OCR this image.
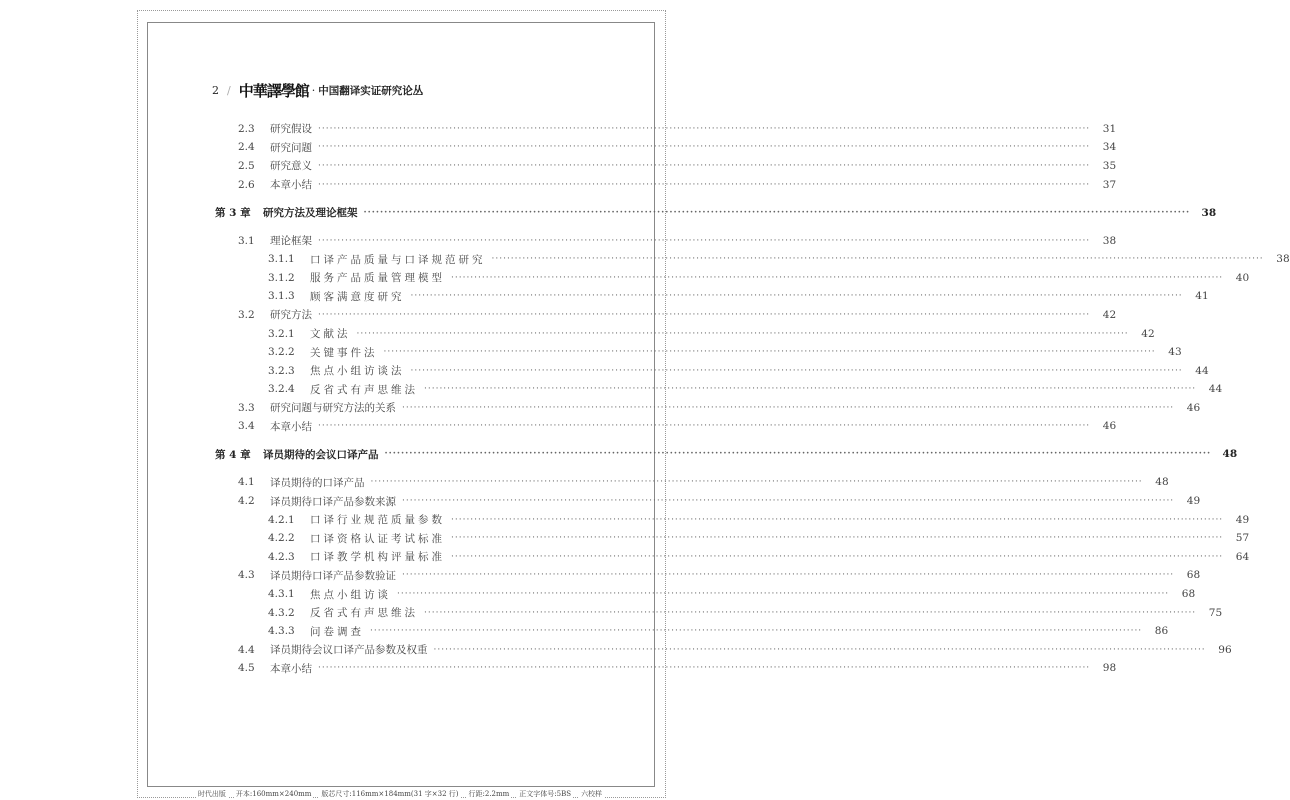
2 / 中華譯學館 · 中国翻译实证研究论丛
2.3	研究假设 ········································································································································································································	31
2.4	研究问题 ········································································································································································································	34
2.5	研究意义 ········································································································································································································	35
2.6	本章小结 ········································································································································································································	37
第 3 章	研究方法及理论框架 ········································································································································································································	38
3.1	理论框架 ········································································································································································································	38
3.1.1	口译产品质量与口译规范研究 ········································································································································································································	38
3.1.2	服务产品质量管理模型 ········································································································································································································	40
3.1.3	顾客满意度研究 ········································································································································································································	41
3.2	研究方法 ········································································································································································································	42
3.2.1	文献法 ········································································································································································································	42
3.2.2	关键事件法 ········································································································································································································	43
3.2.3	焦点小组访谈法 ········································································································································································································	44
3.2.4	反省式有声思维法 ········································································································································································································	44
3.3	研究问题与研究方法的关系 ········································································································································································································	46
3.4	本章小结 ········································································································································································································	46
第 4 章	译员期待的会议口译产品 ········································································································································································································	48
4.1	译员期待的口译产品 ········································································································································································································	48
4.2	译员期待口译产品参数来源 ········································································································································································································	49
4.2.1	口译行业规范质量参数 ········································································································································································································	49
4.2.2	口译资格认证考试标准 ········································································································································································································	57
4.2.3	口译教学机构评量标准 ········································································································································································································	64
4.3	译员期待口译产品参数验证 ········································································································································································································	68
4.3.1	焦点小组访谈 ········································································································································································································	68
4.3.2	反省式有声思维法 ········································································································································································································	75
4.3.3	问卷调查 ········································································································································································································	86
4.4	译员期待会议口译产品参数及权重 ········································································································································································································	96
4.5	本章小结 ········································································································································································································	98
时代出版 开本:160mm×240mm 版芯尺寸:116mm×184mm(31 字×32 行) 行距:2.2mm 正文字体号:5BS 六校样
